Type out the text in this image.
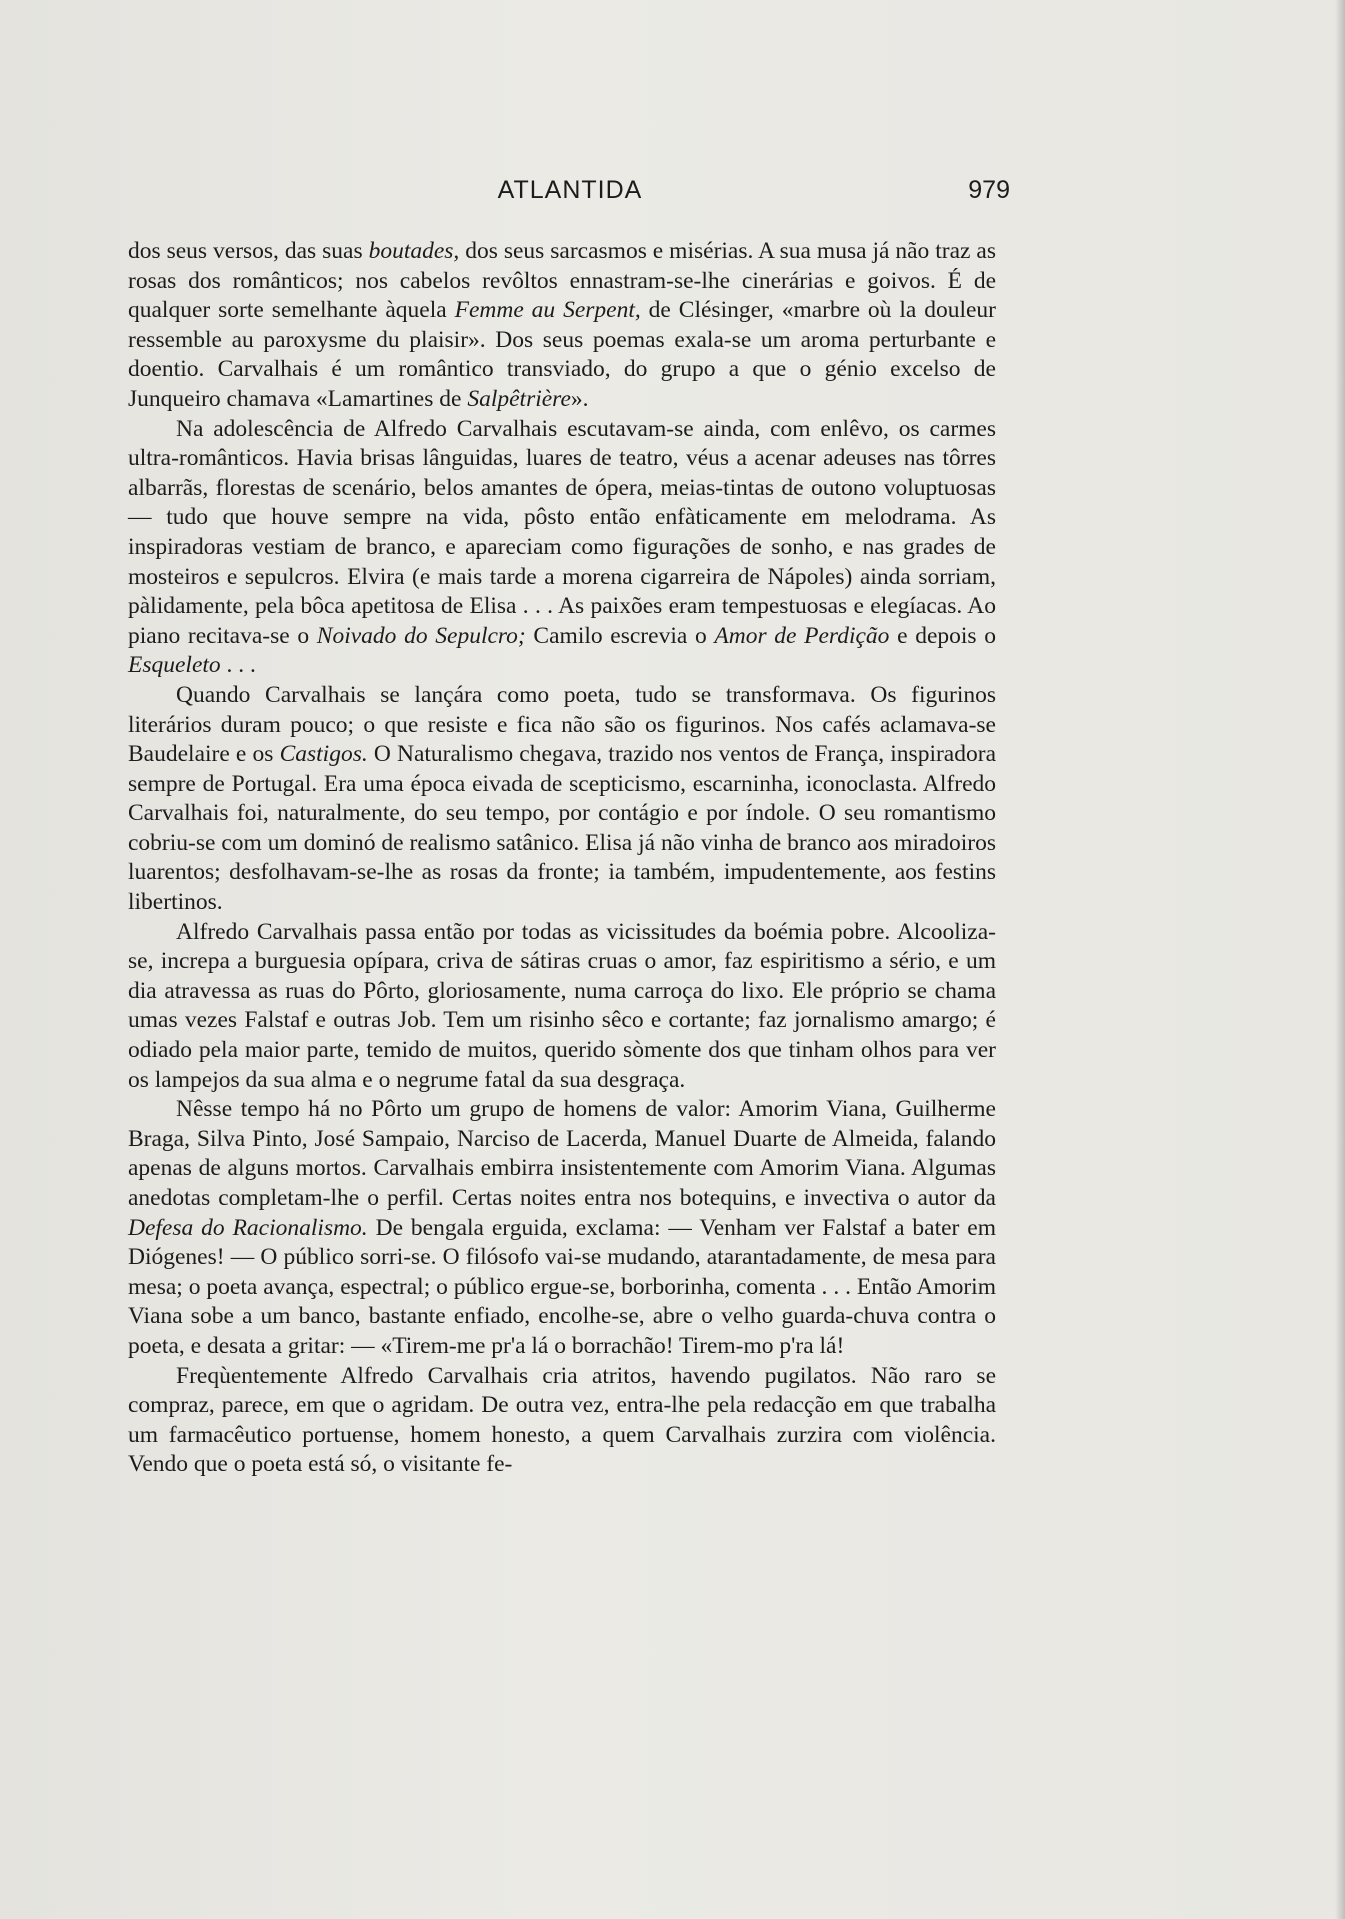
ATLANTIDA	979

dos seus versos, das suas boutades, dos seus sarcasmos e misérias. A sua musa já não traz as rosas dos românticos; nos cabelos revôltos ennastram-se-lhe cinerárias e goivos. É de qualquer sorte semelhante àquela Femme au Serpent, de Clésinger, «marbre où la douleur ressemble au paroxysme du plaisir». Dos seus poemas exala-se um aroma perturbante e doentio. Carvalhais é um romântico transviado, do grupo a que o génio excelso de Junqueiro chamava «Lamartines de Salpêtrière».

Na adolescência de Alfredo Carvalhais escutavam-se ainda, com enlêvo, os carmes ultra-românticos. Havia brisas lânguidas, luares de teatro, véus a acenar adeuses nas tôrres albarrãs, florestas de scenário, belos amantes de ópera, meias-tintas de outono voluptuosas — tudo que houve sempre na vida, pôsto então enfàticamente em melodrama. As inspiradoras vestiam de branco, e apareciam como figurações de sonho, e nas grades de mosteiros e sepulcros. Elvira (e mais tarde a morena cigarreira de Nápoles) ainda sorriam, pàlidamente, pela bôca apetitosa de Elisa . . . As paixões eram tempestuosas e elegíacas. Ao piano recitava-se o Noivado do Sepulcro; Camilo escrevia o Amor de Perdição e depois o Esqueleto . . .

Quando Carvalhais se lançára como poeta, tudo se transformava. Os figurinos literários duram pouco; o que resiste e fica não são os figurinos. Nos cafés aclamava-se Baudelaire e os Castigos. O Naturalismo chegava, trazido nos ventos de França, inspiradora sempre de Portugal. Era uma época eivada de scepticismo, escarninha, iconoclasta. Alfredo Carvalhais foi, naturalmente, do seu tempo, por contágio e por índole. O seu romantismo cobriu-se com um dominó de realismo satânico. Elisa já não vinha de branco aos miradoiros luarentos; desfolhavam-se-lhe as rosas da fronte; ia também, impudentemente, aos festins libertinos.

Alfredo Carvalhais passa então por todas as vicissitudes da boémia pobre. Alcooliza-se, increpa a burguesia opípara, criva de sátiras cruas o amor, faz espiritismo a sério, e um dia atravessa as ruas do Pôrto, gloriosamente, numa carroça do lixo. Ele próprio se chama umas vezes Falstaf e outras Job. Tem um risinho sêco e cortante; faz jornalismo amargo; é odiado pela maior parte, temido de muitos, querido sòmente dos que tinham olhos para ver os lampejos da sua alma e o negrume fatal da sua desgraça.

Nêsse tempo há no Pôrto um grupo de homens de valor: Amorim Viana, Guilherme Braga, Silva Pinto, José Sampaio, Narciso de Lacerda, Manuel Duarte de Almeida, falando apenas de alguns mortos. Carvalhais embirra insistentemente com Amorim Viana. Algumas anedotas completam-lhe o perfil. Certas noites entra nos botequins, e invectiva o autor da Defesa do Racionalismo. De bengala erguida, exclama: — Venham ver Falstaf a bater em Diógenes! — O público sorri-se. O filósofo vai-se mudando, atarantadamente, de mesa para mesa; o poeta avança, espectral; o público ergue-se, borborinha, comenta . . . Então Amorim Viana sobe a um banco, bastante enfiado, encolhe-se, abre o velho guarda-chuva contra o poeta, e desata a gritar: — «Tirem-me pr'a lá o borrachão! Tirem-mo p'ra lá!

Freqùentemente Alfredo Carvalhais cria atritos, havendo pugilatos. Não raro se compraz, parece, em que o agridam. De outra vez, entra-lhe pela redacção em que trabalha um farmacêutico portuense, homem honesto, a quem Carvalhais zurzira com violência. Vendo que o poeta está só, o visitante fe-
